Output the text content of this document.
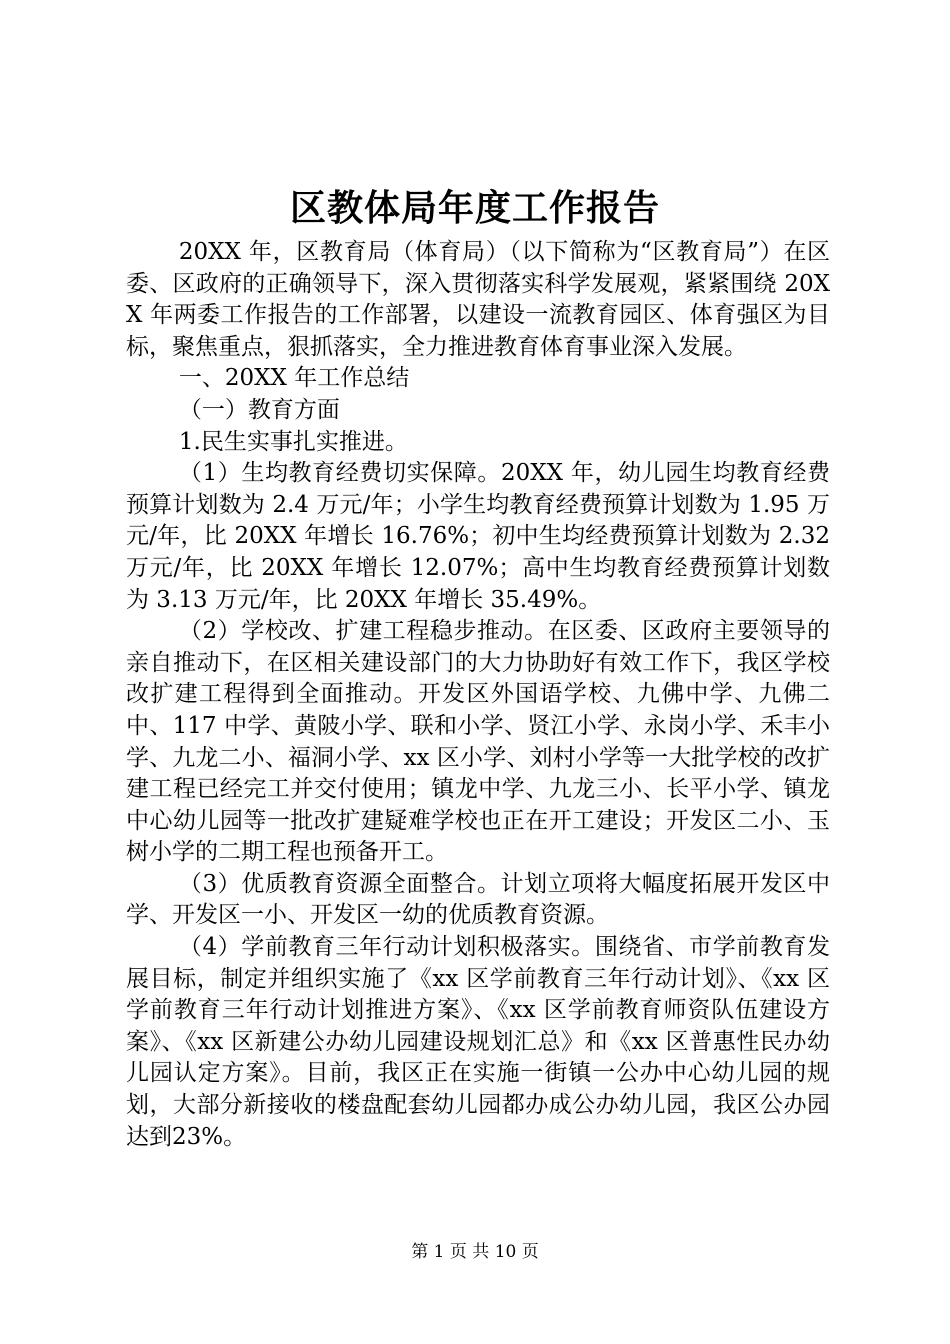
区教体局年度工作报告

20XX 年，区教育局（体育局）（以下简称为“区教育局”）在区委、区政府的正确领导下，深入贯彻落实科学发展观，紧紧围绕 20XX 年两委工作报告的工作部署，以建设一流教育园区、体育强区为目标，聚焦重点，狠抓落实，全力推进教育体育事业深入发展。

一、20XX 年工作总结

（一）教育方面

1.民生实事扎实推进。

（1）生均教育经费切实保障。20XX 年，幼儿园生均教育经费预算计划数为 2.4 万元/年；小学生均教育经费预算计划数为 1.95 万元/年，比 20XX 年增长 16.76%；初中生均经费预算计划数为 2.32 万元/年，比 20XX 年增长 12.07%；高中生均教育经费预算计划数为 3.13 万元/年，比 20XX 年增长 35.49%。

（2）学校改、扩建工程稳步推动。在区委、区政府主要领导的亲自推动下，在区相关建设部门的大力协助好有效工作下，我区学校改扩建工程得到全面推动。开发区外国语学校、九佛中学、九佛二中、117 中学、黄陂小学、联和小学、贤江小学、永岗小学、禾丰小学、九龙二小、福洞小学、xx 区小学、刘村小学等一大批学校的改扩建工程已经完工并交付使用；镇龙中学、九龙三小、长平小学、镇龙中心幼儿园等一批改扩建疑难学校也正在开工建设；开发区二小、玉树小学的二期工程也预备开工。

（3）优质教育资源全面整合。计划立项将大幅度拓展开发区中学、开发区一小、开发区一幼的优质教育资源。

（4）学前教育三年行动计划积极落实。围绕省、市学前教育发展目标，制定并组织实施了《xx 区学前教育三年行动计划》、《xx 区学前教育三年行动计划推进方案》、《xx 区学前教育师资队伍建设方案》、《xx 区新建公办幼儿园建设规划汇总》和《xx 区普惠性民办幼儿园认定方案》。目前，我区正在实施一街镇一公办中心幼儿园的规划，大部分新接收的楼盘配套幼儿园都办成公办幼儿园，我区公办园达到23%。

第 1 页 共 10 页
